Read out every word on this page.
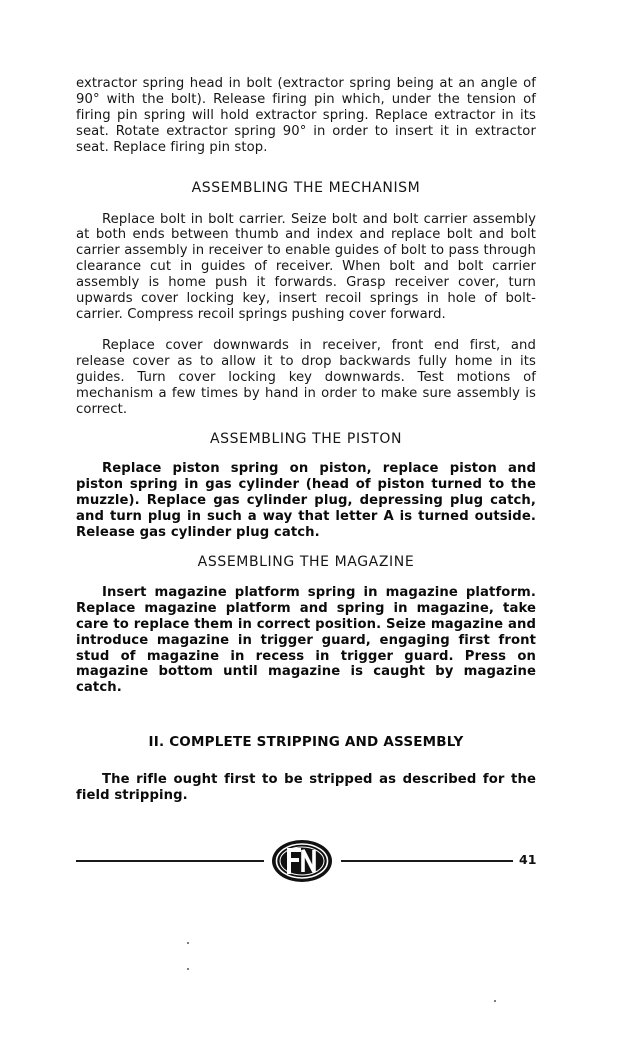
extractor spring head in bolt (extractor spring being at an angle of 90° with the bolt). Release firing pin which, under the tension of firing pin spring will hold extractor spring. Replace extractor in its seat. Rotate extractor spring 90° in order to insert it in extractor seat. Replace firing pin stop.

ASSEMBLING THE MECHANISM

Replace bolt in bolt carrier. Seize bolt and bolt carrier assembly at both ends between thumb and index and replace bolt and bolt carrier assembly in receiver to enable guides of bolt to pass through clearance cut in guides of receiver. When bolt and bolt carrier assembly is home push it forwards. Grasp receiver cover, turn upwards cover locking key, insert recoil springs in hole of bolt-carrier. Compress recoil springs pushing cover forward.

Replace cover downwards in receiver, front end first, and release cover as to allow it to drop backwards fully home in its guides. Turn cover locking key downwards. Test motions of mechanism a few times by hand in order to make sure assembly is correct.

ASSEMBLING THE PISTON

Replace piston spring on piston, replace piston and piston spring in gas cylinder (head of piston turned to the muzzle). Replace gas cylinder plug, depressing plug catch, and turn plug in such a way that letter A is turned outside. Release gas cylinder plug catch.

ASSEMBLING THE MAGAZINE

Insert magazine platform spring in magazine platform. Replace magazine platform and spring in magazine, take care to replace them in correct position. Seize magazine and introduce magazine in trigger guard, engaging first front stud of magazine in recess in trigger guard. Press on magazine bottom until magazine is caught by magazine catch.

II. COMPLETE STRIPPING AND ASSEMBLY

The rifle ought first to be stripped as described for the field stripping.

41
